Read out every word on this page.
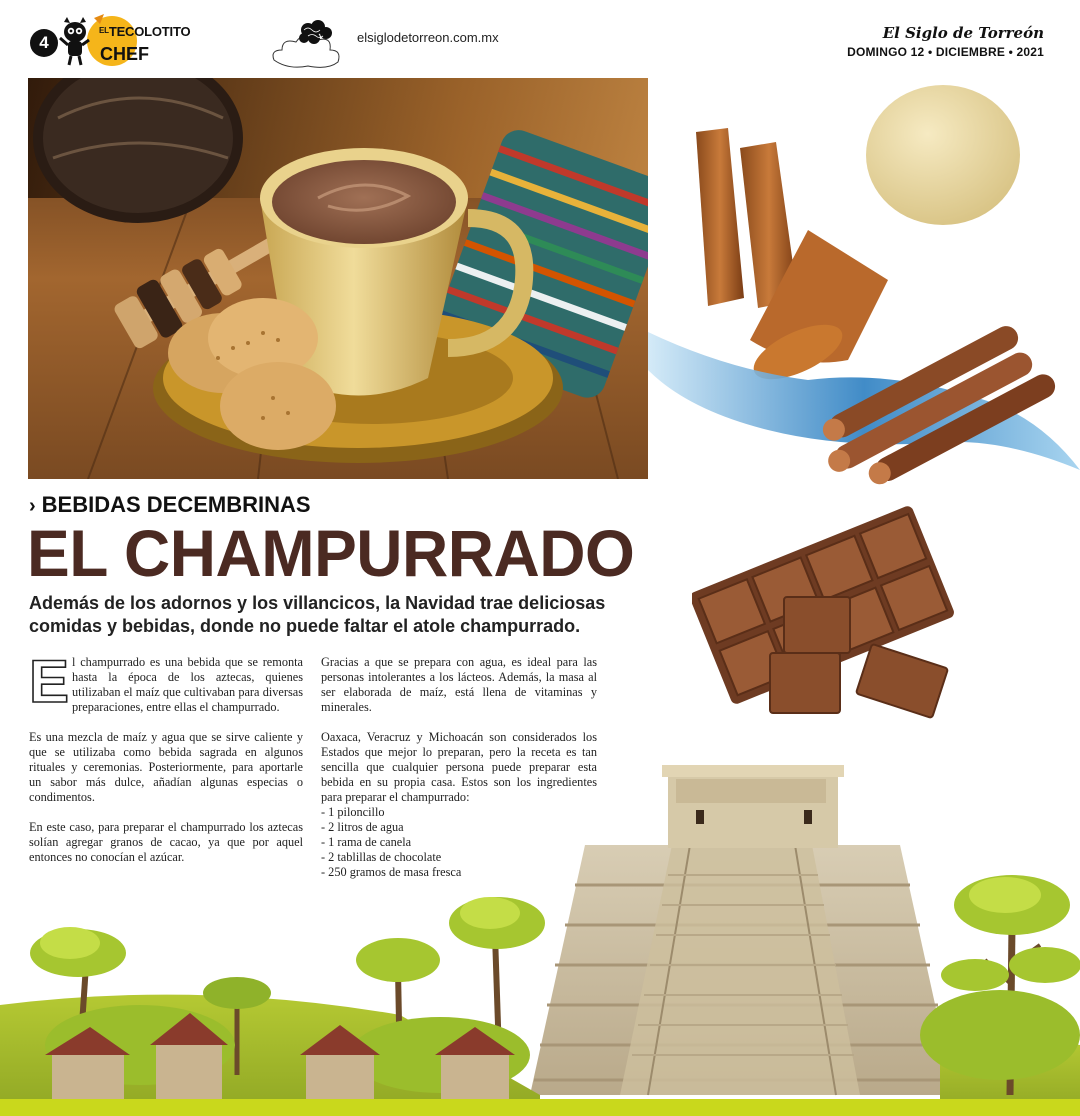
4
$^{EL}$TECOLOTITO
CHEF
elsiglodetorreon.com.mx	El Siglo de Torreón
DOMINGO 12 • DICIEMBRE • 2021
› BEBIDAS DECEMBRINAS
EL CHAMPURRADO

Además de los adornos y los villancicos, la Navidad trae deliciosas comidas y bebidas, donde no puede faltar el atole champurrado.

El champurrado es una bebida que se remonta hasta la época de los aztecas, quienes utilizaban el maíz que cultivaban para diversas preparaciones, entre ellas el champurrado.

Es una mezcla de maíz y agua que se sirve caliente y que se utilizaba como bebida sagrada en algunos rituales y ceremonias. Posteriormente, para aportarle un sabor más dulce, añadían algunas especias o condimentos.

En este caso, para preparar el champurrado los aztecas solían agregar granos de cacao, ya que por aquel entonces no conocían el azúcar.

Gracias a que se prepara con agua, es ideal para las personas intolerantes a los lácteos. Además, la masa al ser elaborada de maíz, está llena de vitaminas y minerales.

Oaxaca, Veracruz y Michoacán son considerados los Estados que mejor lo preparan, pero la receta es tan sencilla que cualquier persona puede preparar esta bebida en su propia casa. Estos son los ingredientes para preparar el champurrado:

- 1 piloncillo
- 2 litros de agua
- 1 rama de canela
- 2 tablillas de chocolate
- 250 gramos de masa fresca
